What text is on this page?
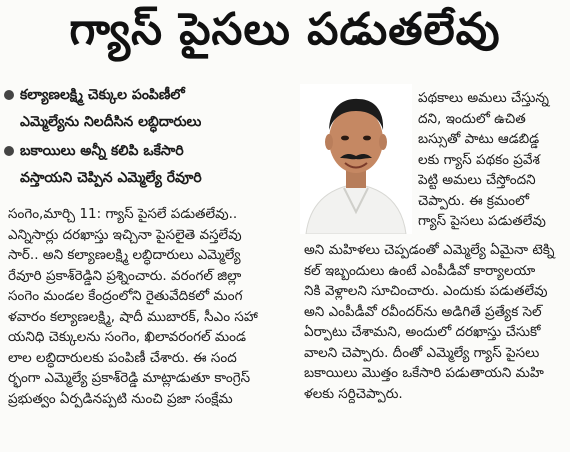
గ్యాస్ పైసలు పడుతలేవు
కల్యాణలక్ష్మి చెక్కుల పంపిణీలో
ఎమ్మెల్యేను నిలదీసిన లబ్ధిదారులు
బకాయిలు అన్నీ కలిపి ఒకేసారి
వస్తాయని చెప్పిన ఎమ్మెల్యే రేవూరి
పథకాలు అమలు చేస్తున్న
దని, ఇందులో ఉచిత
బస్సుతో పాటు ఆడబిడ్డ
లకు గ్యాస్ పథకం ప్రవేశ
పెట్టి అమలు చేస్తోందని
చెప్పారు. ఈ క్రమంలో
గ్యాస్ పైసలు పడుతలేవు
సంగెం,మార్చి 11: గ్యాస్ పైసలే పడుతలేవు..
ఎన్నిసార్లు దరఖాస్తు ఇచ్చినా పైసలైతె వస్తలేవు
సార్.. అని కల్యాణలక్ష్మి లబ్ధిదారులు ఎమ్మెల్యే
రేవూరి ప్రకాశ్‌రెడ్డిని ప్రశ్నించారు. వరంగల్ జిల్లా
సంగెం మండల కేంద్రంలోని రైతువేదికలో మంగ
ళవారం కల్యాణలక్ష్మి, షాదీ ముబారక్, సీఎం సహా
యనిధి చెక్కులను సంగెం, ఖిలావరంగల్ మండ
లాల లబ్ధిదారులకు పంపిణీ చేశారు. ఈ సంద
ర్భంగా ఎమ్మెల్యే ప్రకాశ్‌రెడ్డి మాట్లాడుతూ కాంగ్రెస్
ప్రభుత్వం ఏర్పడినప్పటి నుంచి ప్రజా సంక్షేమ
అని మహిళలు చెప్పడంతో ఎమ్మెల్యే ఏమైనా టెక్ని
కల్ ఇబ్బందులు ఉంటే ఎంపీడీవో కార్యాలయా
నికి వెళ్లాలని సూచించారు. ఎందుకు పడుతలేవు
అని ఎంపీడీవో రవీందర్‌ను అడిగితే ప్రత్యేక సెల్
ఏర్పాటు చేశామని, అందులో దరఖాస్తు చేసుకో
వాలని చెప్పారు. దీంతో ఎమ్మెల్యే గ్యాస్ పైసలు
బకాయిలు మొత్తం ఒకేసారి పడుతాయని మహి
ళలకు సర్దిచెప్పారు.
